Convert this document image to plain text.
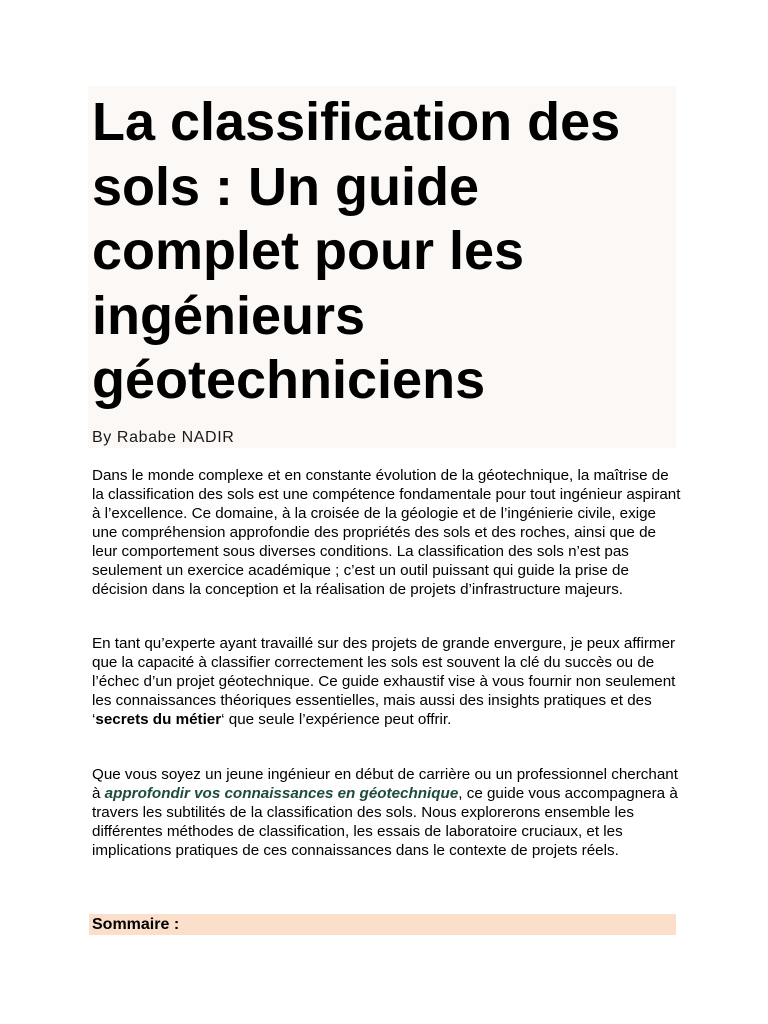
La classification des sols : Un guide complet pour les ingénieurs géotechniciens

By Rababe NADIR

Dans le monde complexe et en constante évolution de la géotechnique, la maîtrise de la classification des sols est une compétence fondamentale pour tout ingénieur aspirant à l’excellence. Ce domaine, à la croisée de la géologie et de l’ingénierie civile, exige une compréhension approfondie des propriétés des sols et des roches, ainsi que de leur comportement sous diverses conditions. La classification des sols n’est pas seulement un exercice académique ; c’est un outil puissant qui guide la prise de décision dans la conception et la réalisation de projets d’infrastructure majeurs.

En tant qu’experte ayant travaillé sur des projets de grande envergure, je peux affirmer que la capacité à classifier correctement les sols est souvent la clé du succès ou de l’échec d’un projet géotechnique. Ce guide exhaustif vise à vous fournir non seulement les connaissances théoriques essentielles, mais aussi des insights pratiques et des ‘secrets du métier‘ que seule l’expérience peut offrir.

Que vous soyez un jeune ingénieur en début de carrière ou un professionnel cherchant à approfondir vos connaissances en géotechnique, ce guide vous accompagnera à travers les subtilités de la classification des sols. Nous explorerons ensemble les différentes méthodes de classification, les essais de laboratoire cruciaux, et les implications pratiques de ces connaissances dans le contexte de projets réels.

Sommaire :
